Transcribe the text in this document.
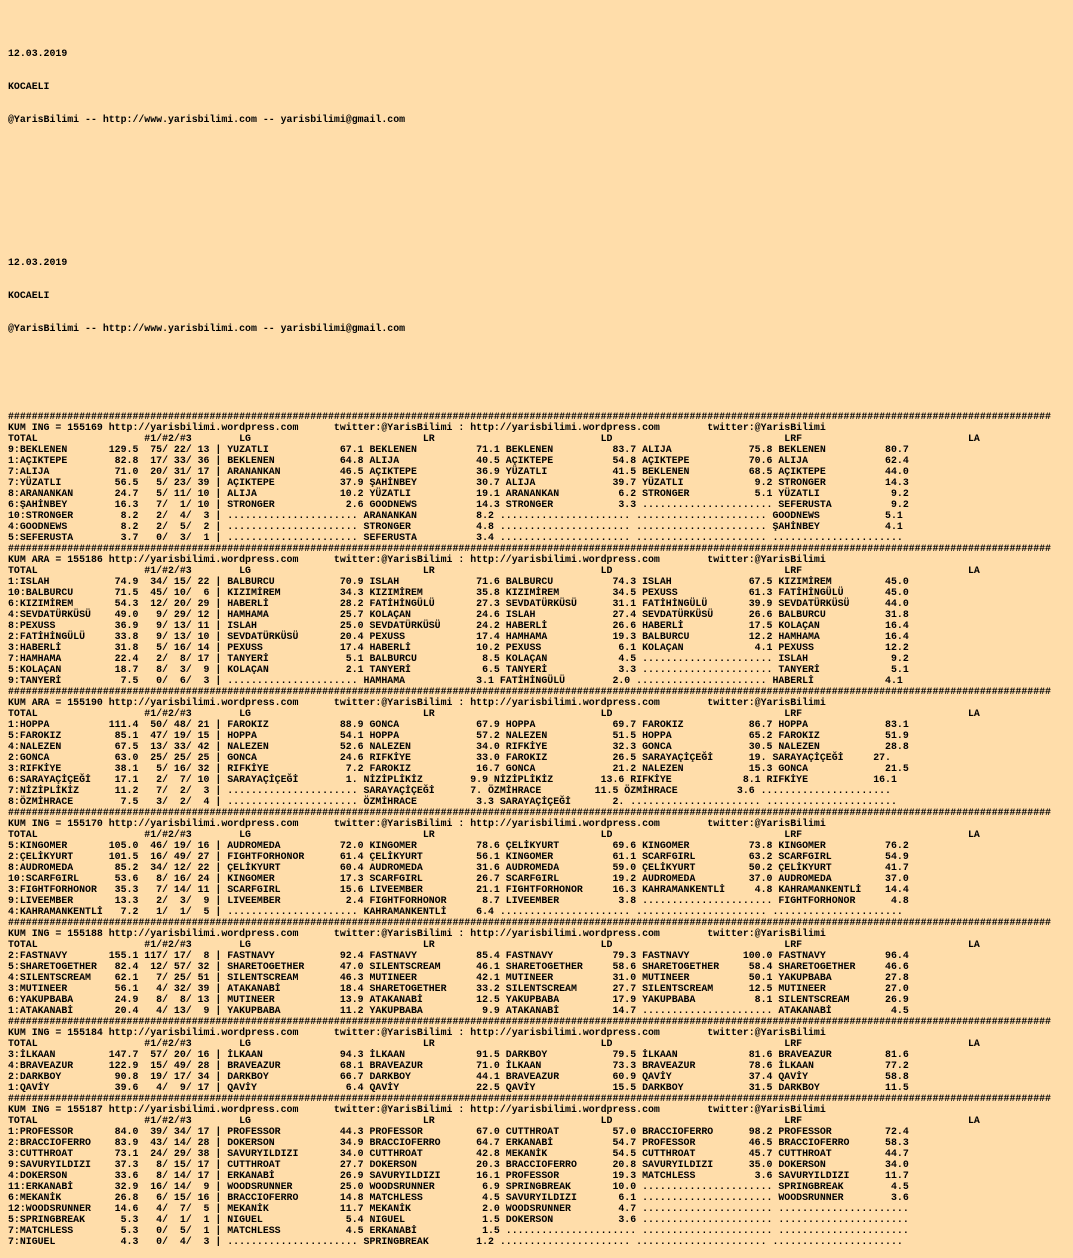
12.03.2019

KOCAELI

@YarisBilimi -- http://www.yarisbilimi.com -- yarisbilimi@gmail.com

12.03.2019

KOCAELI

@YarisBilimi -- http://www.yarisbilimi.com -- yarisbilimi@gmail.com

################################################################################################################################################################################
KUM ING = 155169 http://yarisbilimi.wordpress.com      twitter:@YarisBilimi : http://yarisbilimi.wordpress.com        twitter:@YarisBilimi
TOTAL                  #1/#2/#3        LG                             LR                            LD                             LRF                            LA
9:BEKLENEN       129.5  75/ 22/ 13 | YUZATLI            67.1 BEKLENEN          71.1 BEKLENEN          83.7 ALIJA             75.8 BEKLENEN          80.7
1:AÇIKTEPE        82.8  17/ 33/ 36 | BEKLENEN           64.8 ALIJA             40.5 AÇIKTEPE          54.8 AÇIKTEPE          70.6 ALIJA             62.4
7:ALIJA           71.0  20/ 31/ 17 | ARANANKAN          46.5 AÇIKTEPE          36.9 YÜZATLI           41.5 BEKLENEN          68.5 AÇIKTEPE          44.0
7:YÜZATLI         56.5   5/ 23/ 39 | AÇIKTEPE           37.9 ŞAHİNBEY          30.7 ALIJA             39.7 YÜZATLI            9.2 STRONGER          14.3
8:ARANANKAN       24.7   5/ 11/ 10 | ALIJA              10.2 YÜZATLI           19.1 ARANANKAN          6.2 STRONGER           5.1 YÜZATLI            9.2
6:ŞAHİNBEY        16.3   7/  1/ 10 | STRONGER            2.6 GOODNEWS          14.3 STRONGER           3.3 ...................... SEFERUSTA          9.2
10:STRONGER        8.2   2/  4/  3 | ...................... ARANANKAN          8.2 ...................... ...................... GOODNEWS           5.1
4:GOODNEWS         8.2   2/  5/  2 | ...................... STRONGER           4.8 ...................... ...................... ŞAHİNBEY           4.1
5:SEFERUSTA        3.7   0/  3/  1 | ...................... SEFERUSTA          3.4 ...................... ...................... ......................
################################################################################################################################################################################
KUM ARA = 155186 http://yarisbilimi.wordpress.com      twitter:@YarisBilimi : http://yarisbilimi.wordpress.com        twitter:@YarisBilimi
TOTAL                  #1/#2/#3        LG                             LR                            LD                             LRF                            LA
1:ISLAH           74.9  34/ 15/ 22 | BALBURCU           70.9 ISLAH             71.6 BALBURCU          74.3 ISLAH             67.5 KIZIMİREM         45.0
10:BALBURCU       71.5  45/ 10/  6 | KIZIMİREM          34.3 KIZIMİREM         35.8 KIZIMİREM         34.5 PEXUSS            61.3 FATİHİNGÜLÜ       45.0
6:KIZIMİREM       54.3  12/ 20/ 29 | HABERLİ            28.2 FATİHİNGÜLÜ       27.3 SEVDATÜRKÜSÜ      31.1 FATİHİNGÜLÜ       39.9 SEVDATÜRKÜSÜ      44.0
4:SEVDATÜRKÜSÜ    49.0   9/ 29/ 12 | HAMHAMA            25.7 KOLAÇAN           24.6 ISLAH             27.4 SEVDATÜRKÜSÜ      26.6 BALBURCU          31.8
8:PEXUSS          36.9   9/ 13/ 11 | ISLAH              25.0 SEVDATÜRKÜSÜ      24.2 HABERLİ           26.6 HABERLİ           17.5 KOLAÇAN           16.4
2:FATİHİNGÜLÜ     33.8   9/ 13/ 10 | SEVDATÜRKÜSÜ       20.4 PEXUSS            17.4 HAMHAMA           19.3 BALBURCU          12.2 HAMHAMA           16.4
3:HABERLİ         31.8   5/ 16/ 14 | PEXUSS             17.4 HABERLİ           10.2 PEXUSS             6.1 KOLAÇAN            4.1 PEXUSS            12.2
7:HAMHAMA         22.4   2/  8/ 17 | TANYERİ             5.1 BALBURCU           8.5 KOLAÇAN            4.5 ...................... ISLAH              9.2
5:KOLAÇAN         18.7   8/  3/  9 | KOLAÇAN             2.1 TANYERİ            6.5 TANYERİ            3.3 ...................... TANYERİ            5.1
9:TANYERİ          7.5   0/  6/  3 | ...................... HAMHAMA            3.1 FATİHİNGÜLÜ        2.0 ...................... HABERLİ            4.1
################################################################################################################################################################################
KUM ARA = 155190 http://yarisbilimi.wordpress.com      twitter:@YarisBilimi : http://yarisbilimi.wordpress.com        twitter:@YarisBilimi
TOTAL                  #1/#2/#3        LG                             LR                            LD                             LRF                            LA
1:HOPPA          111.4  50/ 48/ 21 | FAROKIZ            88.9 GONCA             67.9 HOPPA             69.7 FAROKIZ           86.7 HOPPA             83.1
5:FAROKIZ         85.1  47/ 19/ 15 | HOPPA              54.1 HOPPA             57.2 NALEZEN           51.5 HOPPA             65.2 FAROKIZ           51.9
4:NALEZEN         67.5  13/ 33/ 42 | NALEZEN            52.6 NALEZEN           34.0 RIFKİYE           32.3 GONCA             30.5 NALEZEN           28.8
2:GONCA           63.0  25/ 25/ 25 | GONCA              24.6 RIFKİYE           33.0 FAROKIZ           26.5 SARAYAÇİÇEĞİ      19. SARAYAÇİÇEĞİ     27.
3:RIFKİYE         38.1   5/ 16/ 32 | RIFKİYE             7.2 FAROKIZ           16.7 GONCA             21.2 NALEZEN           15.3 GONCA             21.5
6:SARAYAÇİÇEĞİ    17.1   2/  7/ 10 | SARAYAÇİÇEĞİ        1. NİZİPLİKİZ        9.9 NİZİPLİKİZ        13.6 RIFKİYE            8.1 RIFKİYE           16.1
7:NİZİPLİKİZ      11.2   7/  2/  3 | ...................... SARAYAÇİÇEĞİ      7. ÖZMİHRACE         11.5 ÖZMİHRACE          3.6 ......................
8:ÖZMİHRACE        7.5   3/  2/  4 | ...................... ÖZMİHRACE          3.3 SARAYAÇİÇEĞİ       2. ...................... ......................
################################################################################################################################################################################
KUM ING = 155170 http://yarisbilimi.wordpress.com      twitter:@YarisBilimi : http://yarisbilimi.wordpress.com        twitter:@YarisBilimi
TOTAL                  #1/#2/#3        LG                             LR                            LD                             LRF                            LA
5:KINGOMER       105.0  46/ 19/ 16 | AUDROMEDA          72.0 KINGOMER          78.6 ÇELİKYURT         69.6 KINGOMER          73.8 KINGOMER          76.2
2:ÇELİKYURT      101.5  16/ 49/ 27 | FIGHTFORHONOR      61.4 ÇELİKYURT         56.1 KINGOMER          61.1 SCARFGIRL         63.2 SCARFGIRL         54.9
8:AUDROMEDA       85.2  34/ 12/ 22 | ÇELİKYURT          60.4 AUDROMEDA         31.6 AUDROMEDA         59.0 ÇELİKYURT         50.2 ÇELİKYURT         41.7
10:SCARFGIRL      53.6   8/ 16/ 24 | KINGOMER           17.3 SCARFGIRL         26.7 SCARFGIRL         19.2 AUDROMEDA         37.0 AUDROMEDA         37.0
3:FIGHTFORHONOR   35.3   7/ 14/ 11 | SCARFGIRL          15.6 LIVEEMBER         21.1 FIGHTFORHONOR     16.3 KAHRAMANKENTLİ     4.8 KAHRAMANKENTLİ    14.4
9:LIVEEMBER       13.3   2/  3/  9 | LIVEEMBER           2.4 FIGHTFORHONOR      8.7 LIVEEMBER          3.8 ...................... FIGHTFORHONOR      4.8
4:KAHRAMANKENTLİ   7.2   1/  1/  5 | ...................... KAHRAMANKENTLİ     6.4 ...................... ...................... ......................
################################################################################################################################################################################
KUM ING = 155188 http://yarisbilimi.wordpress.com      twitter:@YarisBilimi : http://yarisbilimi.wordpress.com        twitter:@YarisBilimi
TOTAL                  #1/#2/#3        LG                             LR                            LD                             LRF                            LA
2:FASTNAVY       155.1 117/ 17/  8 | FASTNAVY           92.4 FASTNAVY          85.4 FASTNAVY          79.3 FASTNAVY         100.0 FASTNAVY          96.4
5:SHARETOGETHER   82.4  12/ 57/ 32 | SHARETOGETHER      47.0 SILENTSCREAM      46.1 SHARETOGETHER     58.6 SHARETOGETHER     58.4 SHARETOGETHER     46.6
4:SILENTSCREAM    62.1   7/ 25/ 51 | SILENTSCREAM       46.3 MUTINEER          42.1 MUTINEER          31.0 MUTINEER          50.1 YAKUPBABA         27.8
3:MUTINEER        56.1   4/ 32/ 39 | ATAKANABİ          18.4 SHARETOGETHER     33.2 SILENTSCREAM      27.7 SILENTSCREAM      12.5 MUTINEER          27.0
6:YAKUPBABA       24.9   8/  8/ 13 | MUTINEER           13.9 ATAKANABİ         12.5 YAKUPBABA         17.9 YAKUPBABA          8.1 SILENTSCREAM      26.9
1:ATAKANABİ       20.4   4/ 13/  9 | YAKUPBABA          11.2 YAKUPBABA          9.9 ATAKANABİ         14.7 ...................... ATAKANABİ          4.5
################################################################################################################################################################################
KUM ING = 155184 http://yarisbilimi.wordpress.com      twitter:@YarisBilimi : http://yarisbilimi.wordpress.com        twitter:@YarisBilimi
TOTAL                  #1/#2/#3        LG                             LR                            LD                             LRF                            LA
3:İLKAAN         147.7  57/ 20/ 16 | İLKAAN             94.3 İLKAAN            91.5 DARKBOY           79.5 İLKAAN            81.6 BRAVEAZUR         81.6
4:BRAVEAZUR      122.9  15/ 49/ 28 | BRAVEAZUR          68.1 BRAVEAZUR         71.0 İLKAAN            73.3 BRAVEAZUR         78.6 İLKAAN            77.2
2:DARKBOY         90.8  19/ 17/ 34 | DARKBOY            66.7 DARKBOY           44.1 BRAVEAZUR         60.9 QAVİY             37.4 QAVİY             58.8
1:QAVİY           39.6   4/  9/ 17 | QAVİY               6.4 QAVİY             22.5 QAVİY             15.5 DARKBOY           31.5 DARKBOY           11.5
################################################################################################################################################################################
KUM ING = 155187 http://yarisbilimi.wordpress.com      twitter:@YarisBilimi : http://yarisbilimi.wordpress.com        twitter:@YarisBilimi
TOTAL                  #1/#2/#3        LG                             LR                            LD                             LRF                            LA
1:PROFESSOR       84.0  39/ 34/ 17 | PROFESSOR          44.3 PROFESSOR         67.0 CUTTHROAT         57.0 BRACCIOFERRO      98.2 PROFESSOR         72.4
2:BRACCIOFERRO    83.9  43/ 14/ 28 | DOKERSON           34.9 BRACCIOFERRO      64.7 ERKANABİ          54.7 PROFESSOR         46.5 BRACCIOFERRO      58.3
3:CUTTHROAT       73.1  24/ 29/ 38 | SAVURYILDIZI       34.0 CUTTHROAT         42.8 MEKANİK           54.5 CUTTHROAT         45.7 CUTTHROAT         44.7
9:SAVURYILDIZI    37.3   8/ 15/ 17 | CUTTHROAT          27.7 DOKERSON          20.3 BRACCIOFERRO      20.8 SAVURYILDIZI      35.0 DOKERSON          34.0
4:DOKERSON        33.6   8/ 14/ 17 | ERKANABİ           26.9 SAVURYILDIZI      16.1 PROFESSOR         19.3 MATCHLESS          3.6 SAVURYILDIZI      11.7
11:ERKANABİ       32.9  16/ 14/  9 | WOODSRUNNER        25.0 WOODSRUNNER        6.9 SPRINGBREAK       10.0 ...................... SPRINGBREAK        4.5
6:MEKANİK         26.8   6/ 15/ 16 | BRACCIOFERRO       14.8 MATCHLESS          4.5 SAVURYILDIZI       6.1 ...................... WOODSRUNNER        3.6
12:WOODSRUNNER    14.6   4/  7/  5 | MEKANİK            11.7 MEKANİK            2.0 WOODSRUNNER        4.7 ...................... ......................
5:SPRINGBREAK      5.3   4/  1/  1 | NIGUEL              5.4 NIGUEL             1.5 DOKERSON           3.6 ...................... ......................
7:MATCHLESS        5.3   0/  5/  1 | MATCHLESS           4.5 ERKANABİ           1.5 ...................... ...................... ......................
7:NIGUEL           4.3   0/  4/  3 | ...................... SPRINGBREAK        1.2 ...................... ...................... ......................
